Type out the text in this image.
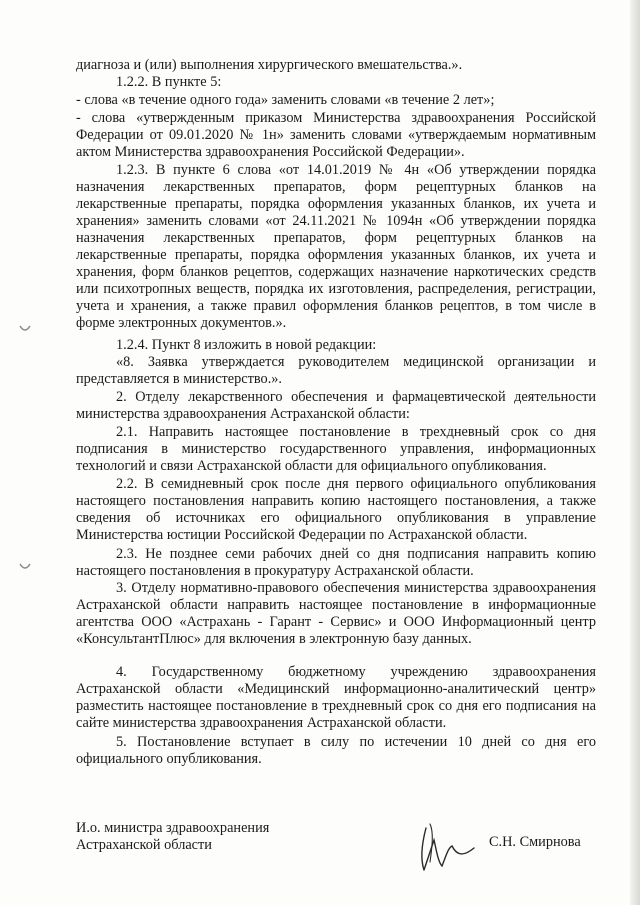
диагноза и (или) выполнения хирургического вмешательства.».

1.2.2. В пункте 5:

- слова «в течение одного года» заменить словами «в течение 2 лет»;

- слова «утвержденным приказом Министерства здравоохранения Российской Федерации от 09.01.2020 № 1н» заменить словами «утверждаемым нормативным актом Министерства здравоохранения Российской Федерации».

1.2.3. В пункте 6 слова «от 14.01.2019 № 4н «Об утверждении порядка назначения лекарственных препаратов, форм рецептурных бланков на лекарственные препараты, порядка оформления указанных бланков, их учета и хранения» заменить словами «от 24.11.2021 № 1094н «Об утверждении порядка назначения лекарственных препаратов, форм рецептурных бланков на лекарственные препараты, порядка оформления указанных бланков, их учета и хранения, форм бланков рецептов, содержащих назначение наркотических средств или психотропных веществ, порядка их изготовления, распределения, регистрации, учета и хранения, а также правил оформления бланков рецептов, в том числе в форме электронных документов.».

1.2.4. Пункт 8 изложить в новой редакции:

«8. Заявка утверждается руководителем медицинской организации и представляется в министерство.».

2. Отделу лекарственного обеспечения и фармацевтической деятельности министерства здравоохранения Астраханской области:

2.1. Направить настоящее постановление в трехдневный срок со дня подписания в министерство государственного управления, информационных технологий и связи Астраханской области для официального опубликования.

2.2. В семидневный срок после дня первого официального опубликования настоящего постановления направить копию настоящего постановления, а также сведения об источниках его официального опубликования в управление Министерства юстиции Российской Федерации по Астраханской области.

2.3. Не позднее семи рабочих дней со дня подписания направить копию настоящего постановления в прокуратуру Астраханской области.

3. Отделу нормативно-правового обеспечения министерства здравоохранения Астраханской области направить настоящее постановление в информационные агентства ООО «Астрахань - Гарант - Сервис» и ООО Информационный центр «КонсультантПлюс» для включения в электронную базу данных.

4. Государственному бюджетному учреждению здравоохранения Астраханской области «Медицинский информационно-аналитический центр» разместить настоящее постановление в трехдневный срок со дня его подписания на сайте министерства здравоохранения Астраханской области.

5. Постановление вступает в силу по истечении 10 дней со дня его официального опубликования.

И.о. министра здравоохранения
Астраханской области	С.Н. Смирнова
